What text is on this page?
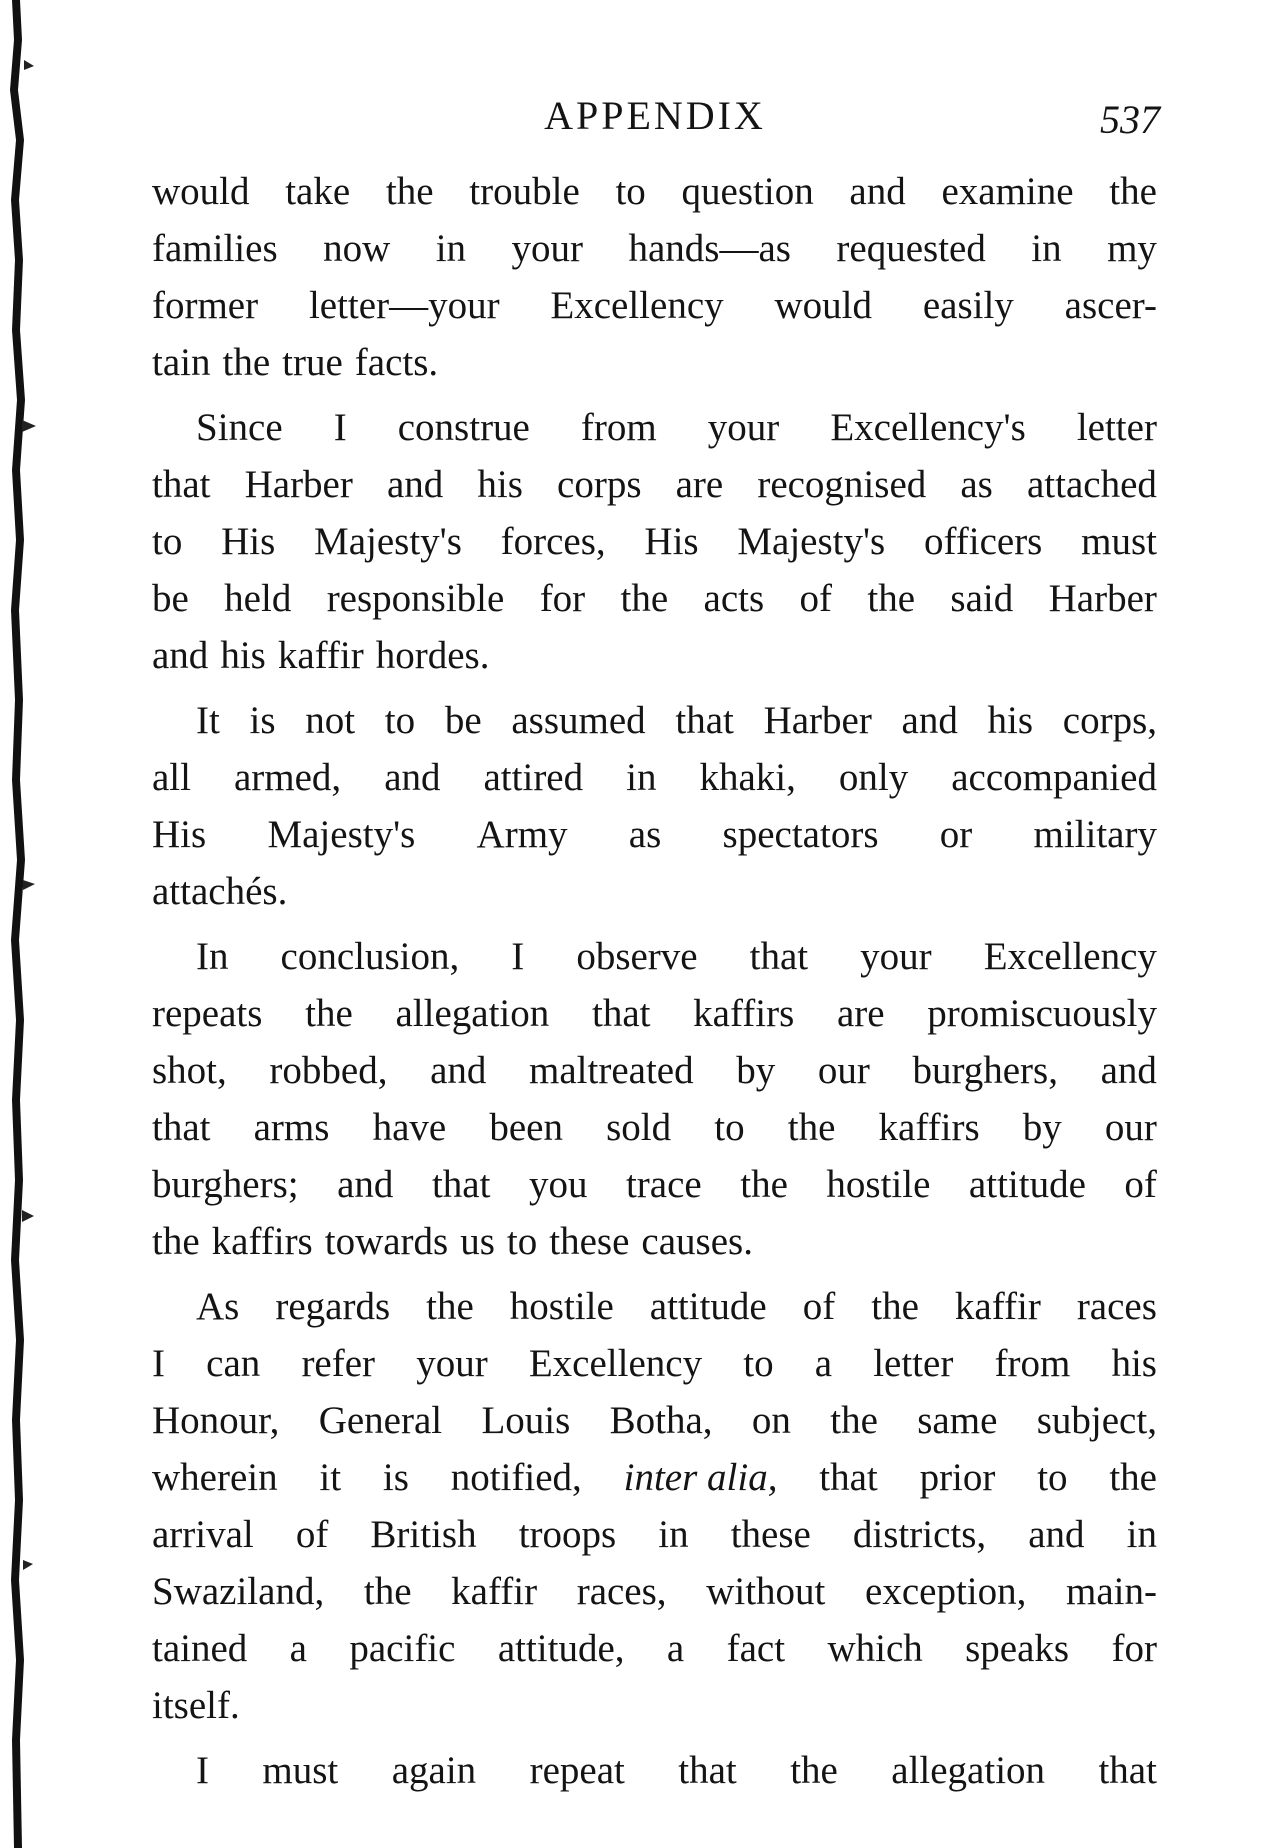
APPENDIX	537
would take the trouble to question and examine the
families now in your hands—as requested in my
former letter—your Excellency would easily ascer-
tain the true facts.
Since I construe from your Excellency's letter
that Harber and his corps are recognised as attached
to His Majesty's forces, His Majesty's officers must
be held responsible for the acts of the said Harber
and his kaffir hordes.
It is not to be assumed that Harber and his corps,
all armed, and attired in khaki, only accompanied
His Majesty's Army as spectators or military
attachés.
In conclusion, I observe that your Excellency
repeats the allegation that kaffirs are promiscuously
shot, robbed, and maltreated by our burghers, and
that arms have been sold to the kaffirs by our
burghers; and that you trace the hostile attitude of
the kaffirs towards us to these causes.
As regards the hostile attitude of the kaffir races
I can refer your Excellency to a letter from his
Honour, General Louis Botha, on the same subject,
wherein it is notified, inter alia, that prior to the
arrival of British troops in these districts, and in
Swaziland, the kaffir races, without exception, main-
tained a pacific attitude, a fact which speaks for
itself.
I must again repeat that the allegation that
